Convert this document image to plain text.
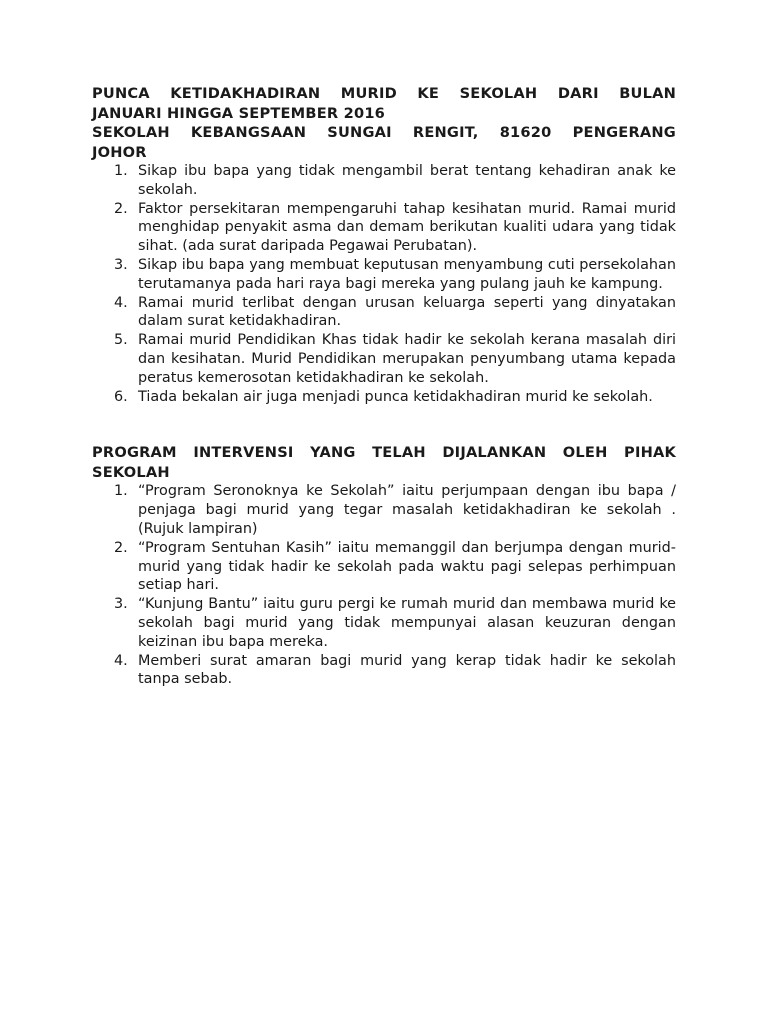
PUNCA KETIDAKHADIRAN MURID KE SEKOLAH DARI BULAN
JANUARI HINGGA SEPTEMBER 2016
SEKOLAH KEBANGSAAN SUNGAI RENGIT, 81620 PENGERANG
JOHOR
1. Sikap ibu bapa yang tidak mengambil berat tentang kehadiran anak ke sekolah.
2. Faktor persekitaran mempengaruhi tahap kesihatan murid. Ramai murid menghidap penyakit asma dan demam berikutan kualiti udara yang tidak sihat. (ada surat daripada Pegawai Perubatan).
3. Sikap ibu bapa yang membuat keputusan menyambung cuti persekolahan terutamanya pada hari raya bagi mereka yang pulang jauh ke kampung.
4. Ramai murid terlibat dengan urusan keluarga seperti yang dinyatakan dalam surat ketidakhadiran.
5. Ramai murid Pendidikan Khas tidak hadir ke sekolah kerana masalah diri dan kesihatan. Murid Pendidikan merupakan penyumbang utama kepada peratus kemerosotan ketidakhadiran ke sekolah.
6. Tiada bekalan air juga menjadi punca ketidakhadiran murid ke sekolah.
PROGRAM INTERVENSI YANG TELAH DIJALANKAN OLEH PIHAK
SEKOLAH
1. “Program Seronoknya ke Sekolah” iaitu perjumpaan dengan ibu bapa / penjaga bagi murid yang tegar masalah ketidakhadiran ke sekolah . (Rujuk lampiran)
2. “Program Sentuhan Kasih” iaitu memanggil dan berjumpa dengan murid-murid yang tidak hadir ke sekolah pada waktu pagi selepas perhimpuan setiap hari.
3. “Kunjung Bantu” iaitu guru pergi ke rumah murid dan membawa murid ke sekolah bagi murid yang tidak mempunyai alasan keuzuran dengan keizinan ibu bapa mereka.
4. Memberi surat amaran bagi murid yang kerap tidak hadir ke sekolah tanpa sebab.
